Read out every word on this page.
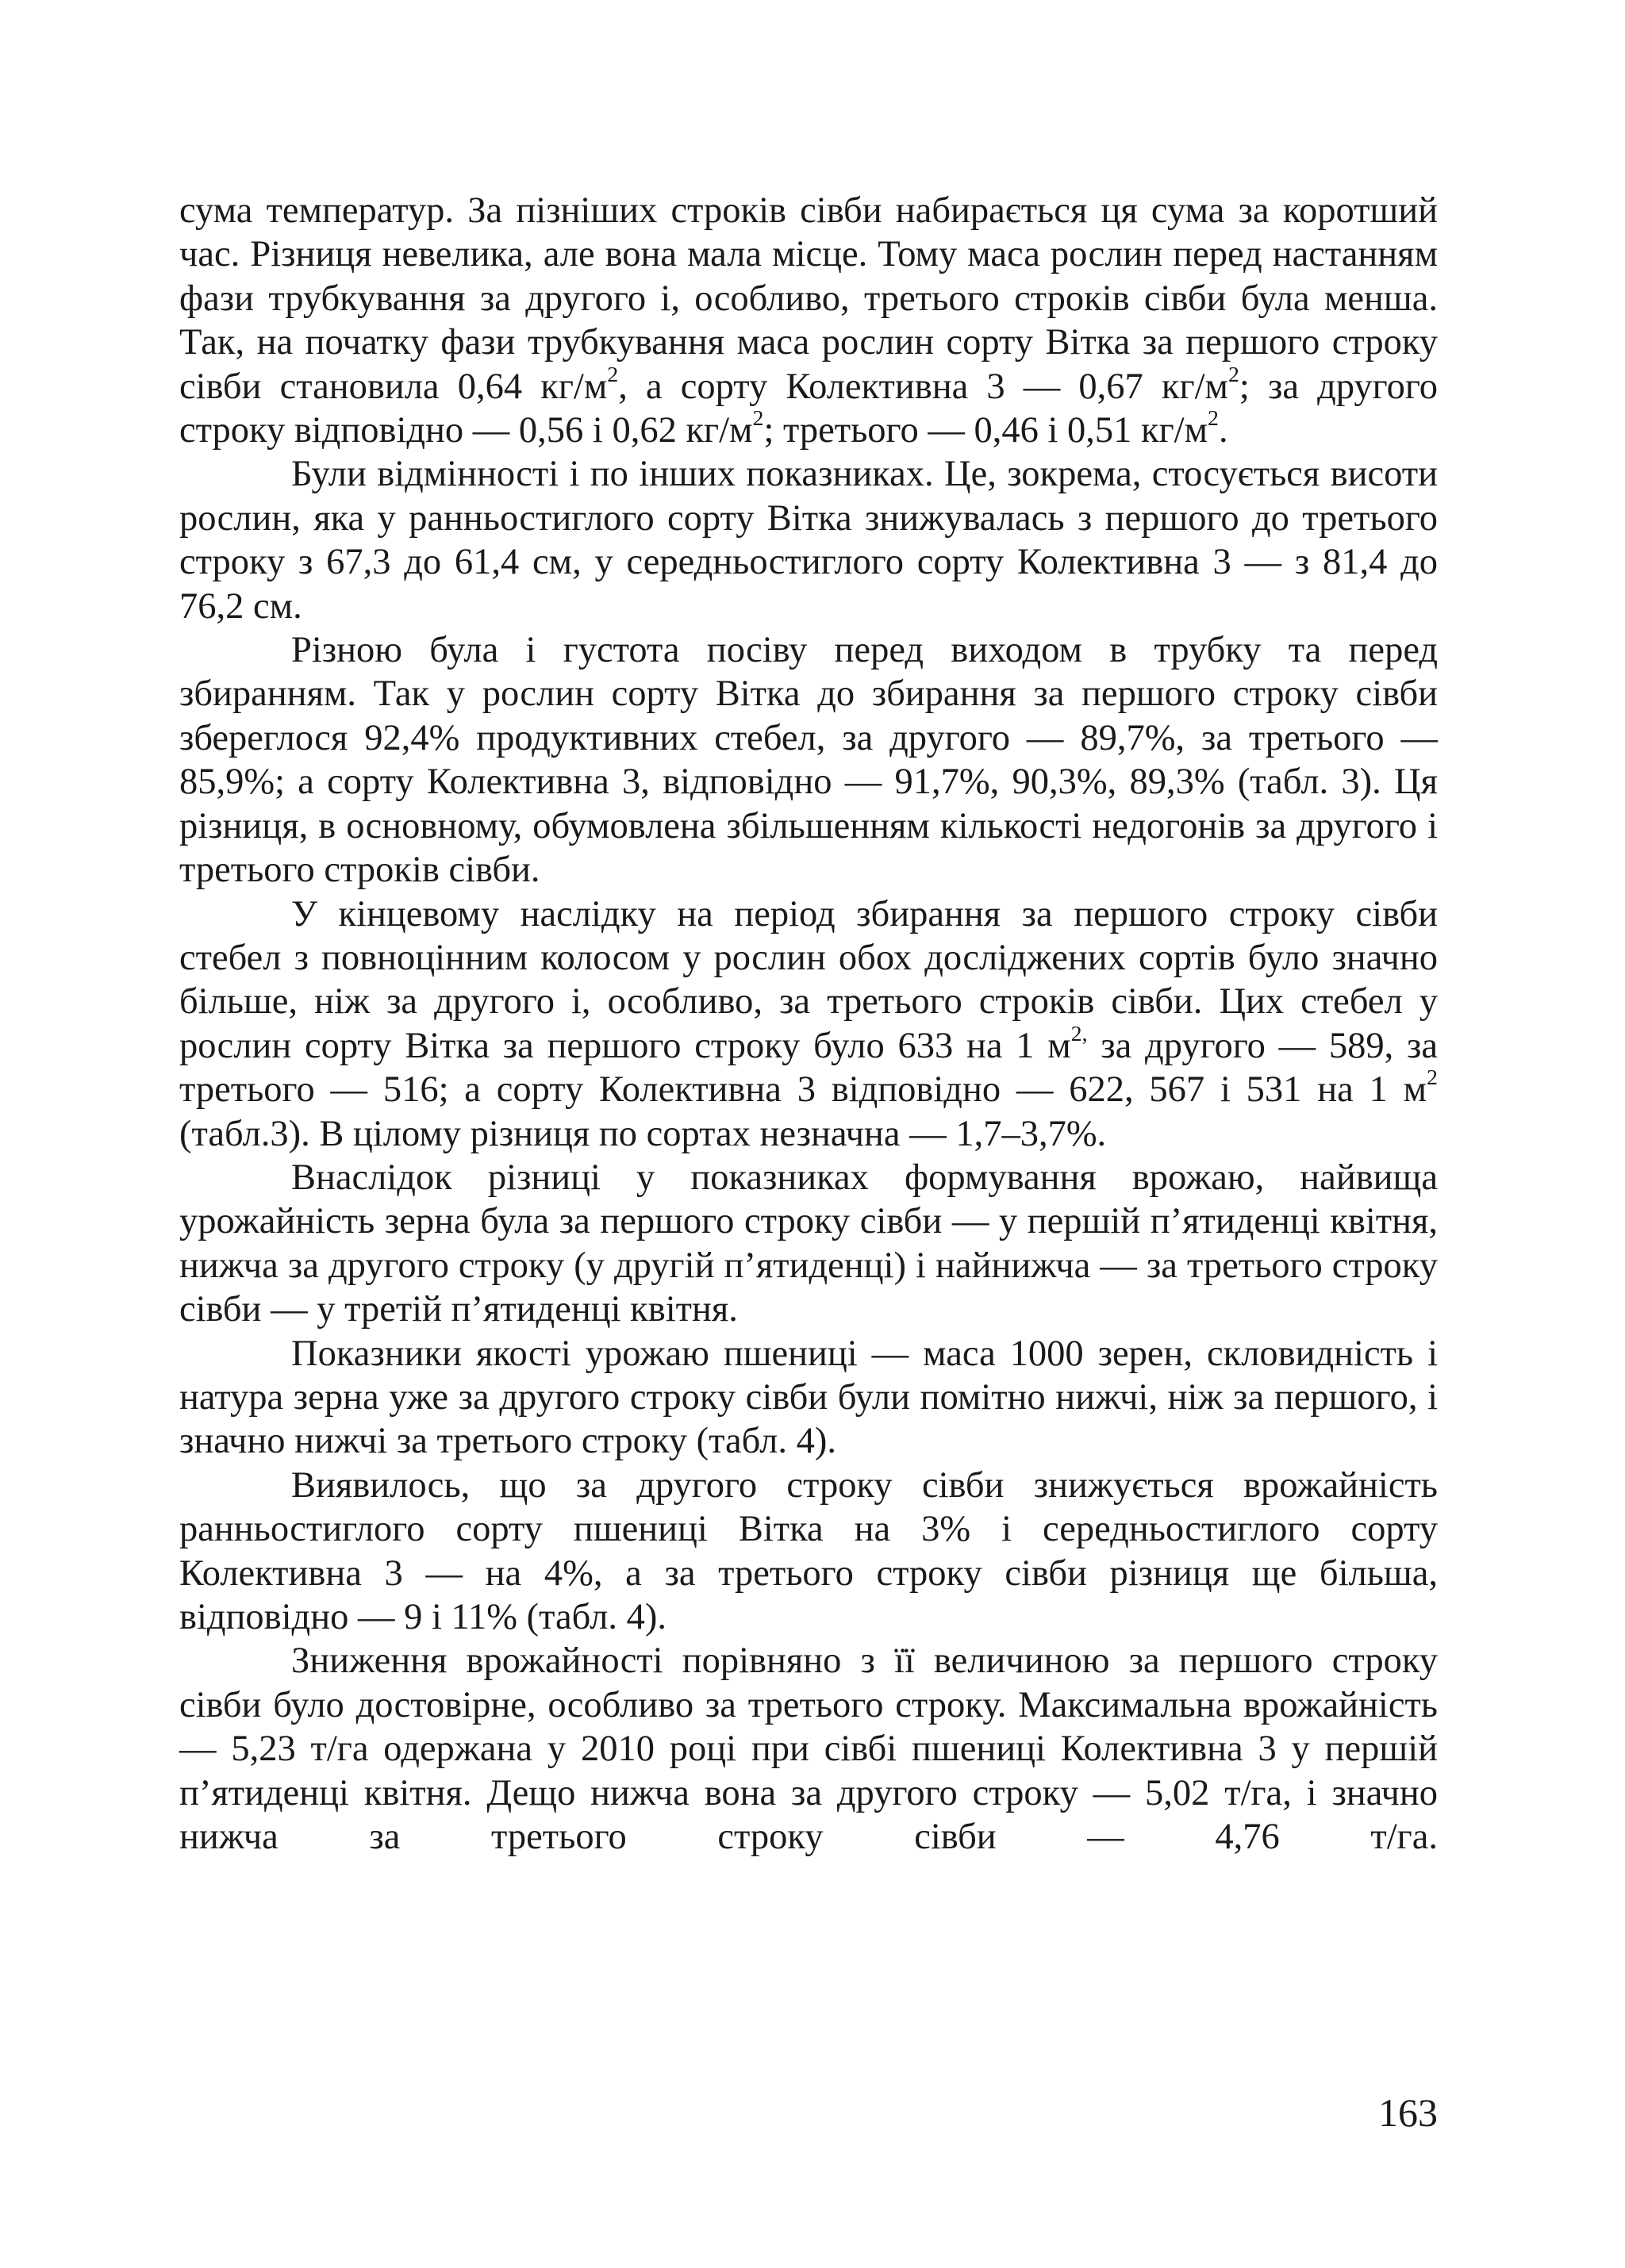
сума температур. За пізніших строків сівби набирається ця сума за коротший час. Різниця невелика, але вона мала місце. Тому маса рослин перед настанням фази трубкування за другого і, особливо, третього строків сівби була менша. Так, на початку фази трубкування маса рослин сорту Вітка за першого строку сівби становила 0,64 $кг/м^2$, а сорту Колективна 3 — 0,67 $кг/м^2$; за другого строку відповідно — 0,56 і 0,62 $кг/м^2$; третього — 0,46 і 0,51 $кг/м^2$.

Були відмінності і по інших показниках. Це, зокрема, стосується висоти рослин, яка у ранньостиглого сорту Вітка знижувалась з першого до третього строку з 67,3 до 61,4 см, у середньостиглого сорту Колективна 3 — з 81,4 до 76,2 см.

Різною була і густота посіву перед виходом в трубку та перед збиранням. Так у рослин сорту Вітка до збирання за першого строку сівби збереглося 92,4% продуктивних стебел, за другого — 89,7%, за третього — 85,9%; а сорту Колективна 3, відповідно — 91,7%, 90,3%, 89,3% (табл. 3). Ця різниця, в основному, обумовлена збільшенням кількості недогонів за другого і третього строків сівби.

У кінцевому наслідку на період збирання за першого строку сівби стебел з повноцінним колосом у рослин обох досліджених сортів було значно більше, ніж за другого і, особливо, за третього строків сівби. Цих стебел у рослин сорту Вітка за першого строку було 633 на 1 $м^{2,}$ за другого — 589, за третього — 516; а сорту Колективна 3 відповідно — 622, 567 і 531 на 1 $м^2$ (табл.3). В цілому різниця по сортах незначна — 1,7–3,7%.

Внаслідок різниці у показниках формування врожаю, найвища урожайність зерна була за першого строку сівби — у першій п’ятиденці квітня, нижча за другого строку (у другій п’ятиденці) і найнижча — за третього строку сівби — у третій п’ятиденці квітня.

Показники якості урожаю пшениці — маса 1000 зерен, скловидність і натура зерна уже за другого строку сівби були помітно нижчі, ніж за першого, і значно нижчі за третього строку (табл. 4).

Виявилось, що за другого строку сівби знижується врожайність ранньостиглого сорту пшениці Вітка на 3% і середньостиглого сорту Колективна 3 — на 4%, а за третього строку сівби різниця ще більша, відповідно — 9 і 11% (табл. 4).

Зниження врожайності порівняно з її величиною за першого строку сівби було достовірне, особливо за третього строку. Максимальна врожайність — 5,23 т/га одержана у 2010 році при сівбі пшениці Колективна 3 у першій п’ятиденці квітня. Дещо нижча вона за другого строку — 5,02 т/га, і значно нижча за третього строку сівби — 4,76 т/га.

163
